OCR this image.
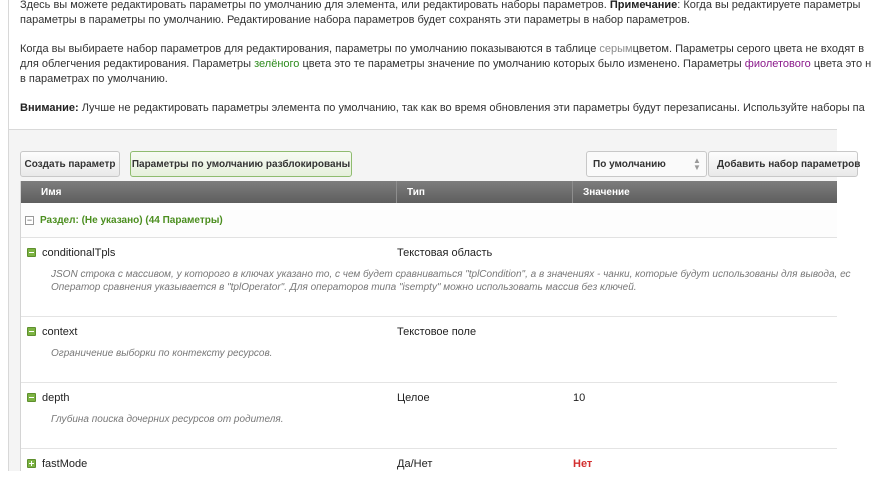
Здесь вы можете редактировать параметры по умолчанию для элемента, или редактировать наборы параметров. Примечание: Когда вы редактируете параметры
параметры в параметры по умолчанию. Редактирование набора параметров будет сохранять эти параметры в набор параметров.

Когда вы выбираете набор параметров для редактирования, параметры по умолчанию показываются в таблице серымцветом. Параметры серого цвета не входят в
для облегчения редактирования. Параметры зелёного цвета это те параметры значение по умолчанию которых было изменено. Параметры фиолетового цвета это н
в параметрах по умолчанию.

Внимание: Лучше не редактировать параметры элемента по умолчанию, так как во время обновления эти параметры будут перезаписаны. Используйте наборы па

Создать параметр	Параметры по умолчанию разблокированы	По умолчанию	▲
▼	Добавить набор параметров
Имя	Тип	Значение
− Раздел: (Не указано) (44 Параметры)
conditionalTpls	Текстовая область
JSON строка с массивом, у которого в ключах указано то, с чем будет сравниваться "tplCondition", а в значениях - чанки, которые будут использованы для вывода, ес
Оператор сравнения указывается в "tplOperator". Для операторов типа "isempty" можно использовать массив без ключей.
context	Текстовое поле
Ограничение выборки по контексту ресурсов.
depth	Целое	10
Глубина поиска дочерних ресурсов от родителя.
fastMode	Да/Нет	Нет
